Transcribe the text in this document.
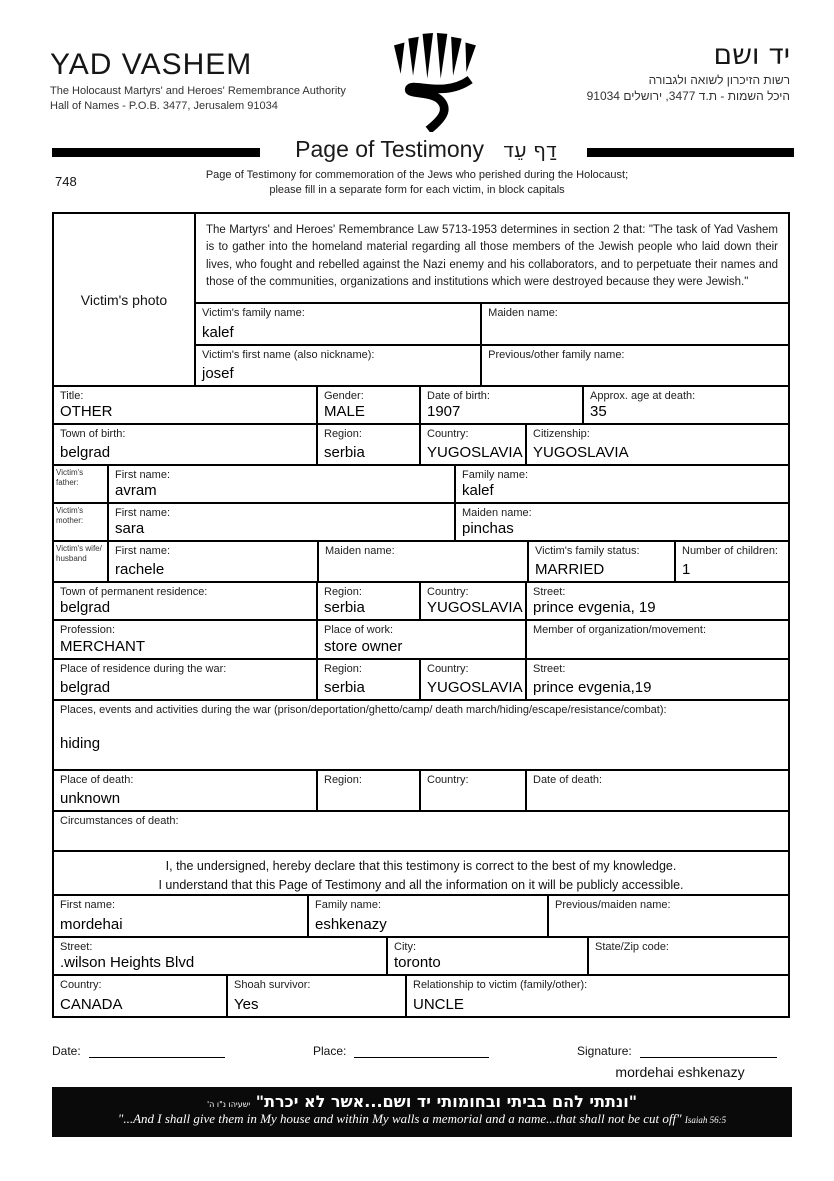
YAD VASHEM
The Holocaust Martyrs' and Heroes' Remembrance Authority
Hall of Names - P.O.B. 3477, Jerusalem 91034
יד ושם
רשות הזיכרון לשואה ולגבורה
היכל השמות - ת.ד 3477, ירושלים 91034
Page of Testimony דַף עֵד
748	Page of Testimony for commemoration of the Jews who perished during the Holocaust;
please fill in a separate form for each victim, in block capitals
Victim's photo
The Martyrs' and Heroes' Remembrance Law 5713-1953 determines in section 2 that: "The task of Yad Vashem is to gather into the homeland material regarding all those members of the Jewish people who laid down their lives, who fought and rebelled against the Nazi enemy and his collaborators, and to perpetuate their names and those of the communities, organizations and institutions which were destroyed because they were Jewish."
Victim's family name:
kalef
Maiden name:
Victim's first name (also nickname):
josef
Previous/other family name:
Title:
OTHER
Gender:
MALE
Date of birth:
1907
Approx. age at death:
35
Town of birth:
belgrad
Region:
serbia
Country:
YUGOSLAVIA
Citizenship:
YUGOSLAVIA
Victim's father:
First name:
avram
Family name:
kalef
Victim's mother:
First name:
sara
Maiden name:
pinchas
Victim's wife/ husband
First name:
rachele
Maiden name:	Victim's family status:
MARRIED
Number of children:
1
Town of permanent residence:
belgrad
Region:
serbia
Country:
YUGOSLAVIA
Street:
prince evgenia, 19
Profession:
MERCHANT
Place of work:
store owner
Member of organization/movement:
Place of residence during the war:
belgrad
Region:
serbia
Country:
YUGOSLAVIA
Street:
prince evgenia,19
Places, events and activities during the war (prison/deportation/ghetto/camp/ death march/hiding/escape/resistance/combat):
hiding
Place of death:
unknown
Region:	Country:	Date of death:
Circumstances of death:
I, the undersigned, hereby declare that this testimony is correct to the best of my knowledge.
I understand that this Page of Testimony and all the information on it will be publicly accessible.
First name:
mordehai
Family name:
eshkenazy
Previous/maiden name:
Street:
.wilson Heights Blvd
City:
toronto
State/Zip code:
Country:
CANADA
Shoah survivor:
Yes
Relationship to victim (family/other):
UNCLE
Date:	Place:	Signature:
mordehai eshkenazy
"ונתתי להם בביתי ובחומותי יד ושם...אשר לא יכרת" ישעיהו נ"ו ה'
"...And I shall give them in My house and within My walls a memorial and a name...that shall not be cut off" Isaiah 56:5
